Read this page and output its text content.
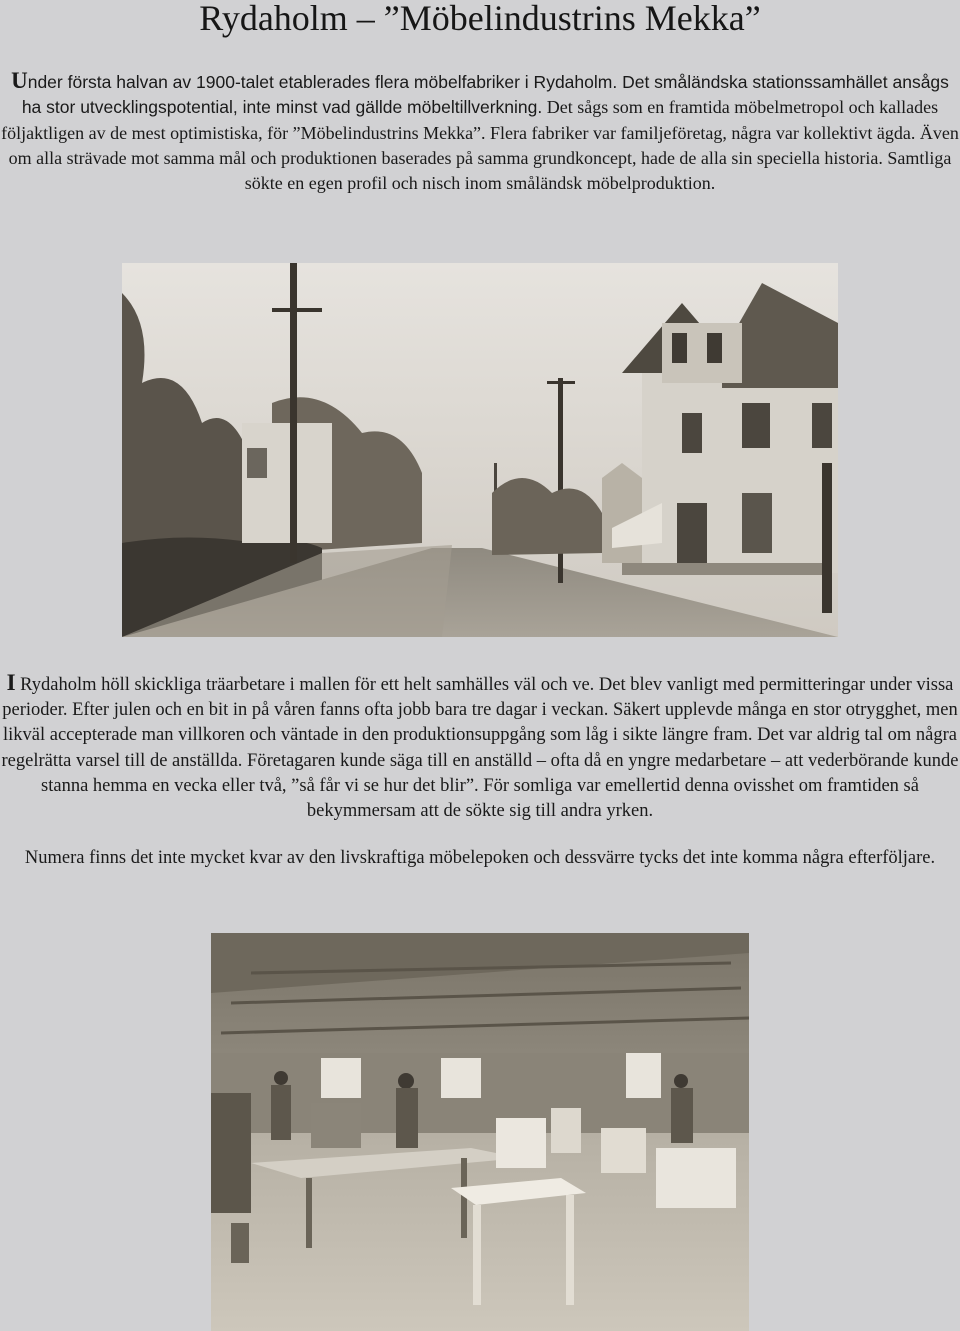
Rydaholm – ”Möbelindustrins Mekka”

Under första halvan av 1900-talet etablerades flera möbelfabriker i Rydaholm. Det småländska stationssamhället ansågs ha stor utvecklingspotential, inte minst vad gällde möbeltillverkning. Det sågs som en framtida möbelmetropol och kallades följaktligen av de mest optimistiska, för ”Möbelindustrins Mekka”. Flera fabriker var familjeföretag, några var kollektivt ägda. Även om alla strävade mot samma mål och produktionen baserades på samma grundkoncept, hade de alla sin speciella historia. Samtliga sökte en egen profil och nisch inom småländsk möbelproduktion.

I Rydaholm höll skickliga träarbetare i mallen för ett helt samhälles väl och ve. Det blev vanligt med permitteringar under vissa perioder. Efter julen och en bit in på våren fanns ofta jobb bara tre dagar i veckan. Säkert upplevde många en stor otrygghet, men likväl accepterade man villkoren och väntade in den produktionsuppgång som låg i sikte längre fram. Det var aldrig tal om några regelrätta varsel till de anställda. Företagaren kunde säga till en anställd – ofta då en yngre medarbetare – att vederbörande kunde stanna hemma en vecka eller två, ”så får vi se hur det blir”. För somliga var emellertid denna ovisshet om framtiden så bekymmersam att de sökte sig till andra yrken.

Numera finns det inte mycket kvar av den livskraftiga möbelepoken och dessvärre tycks det inte komma några efterföljare.
